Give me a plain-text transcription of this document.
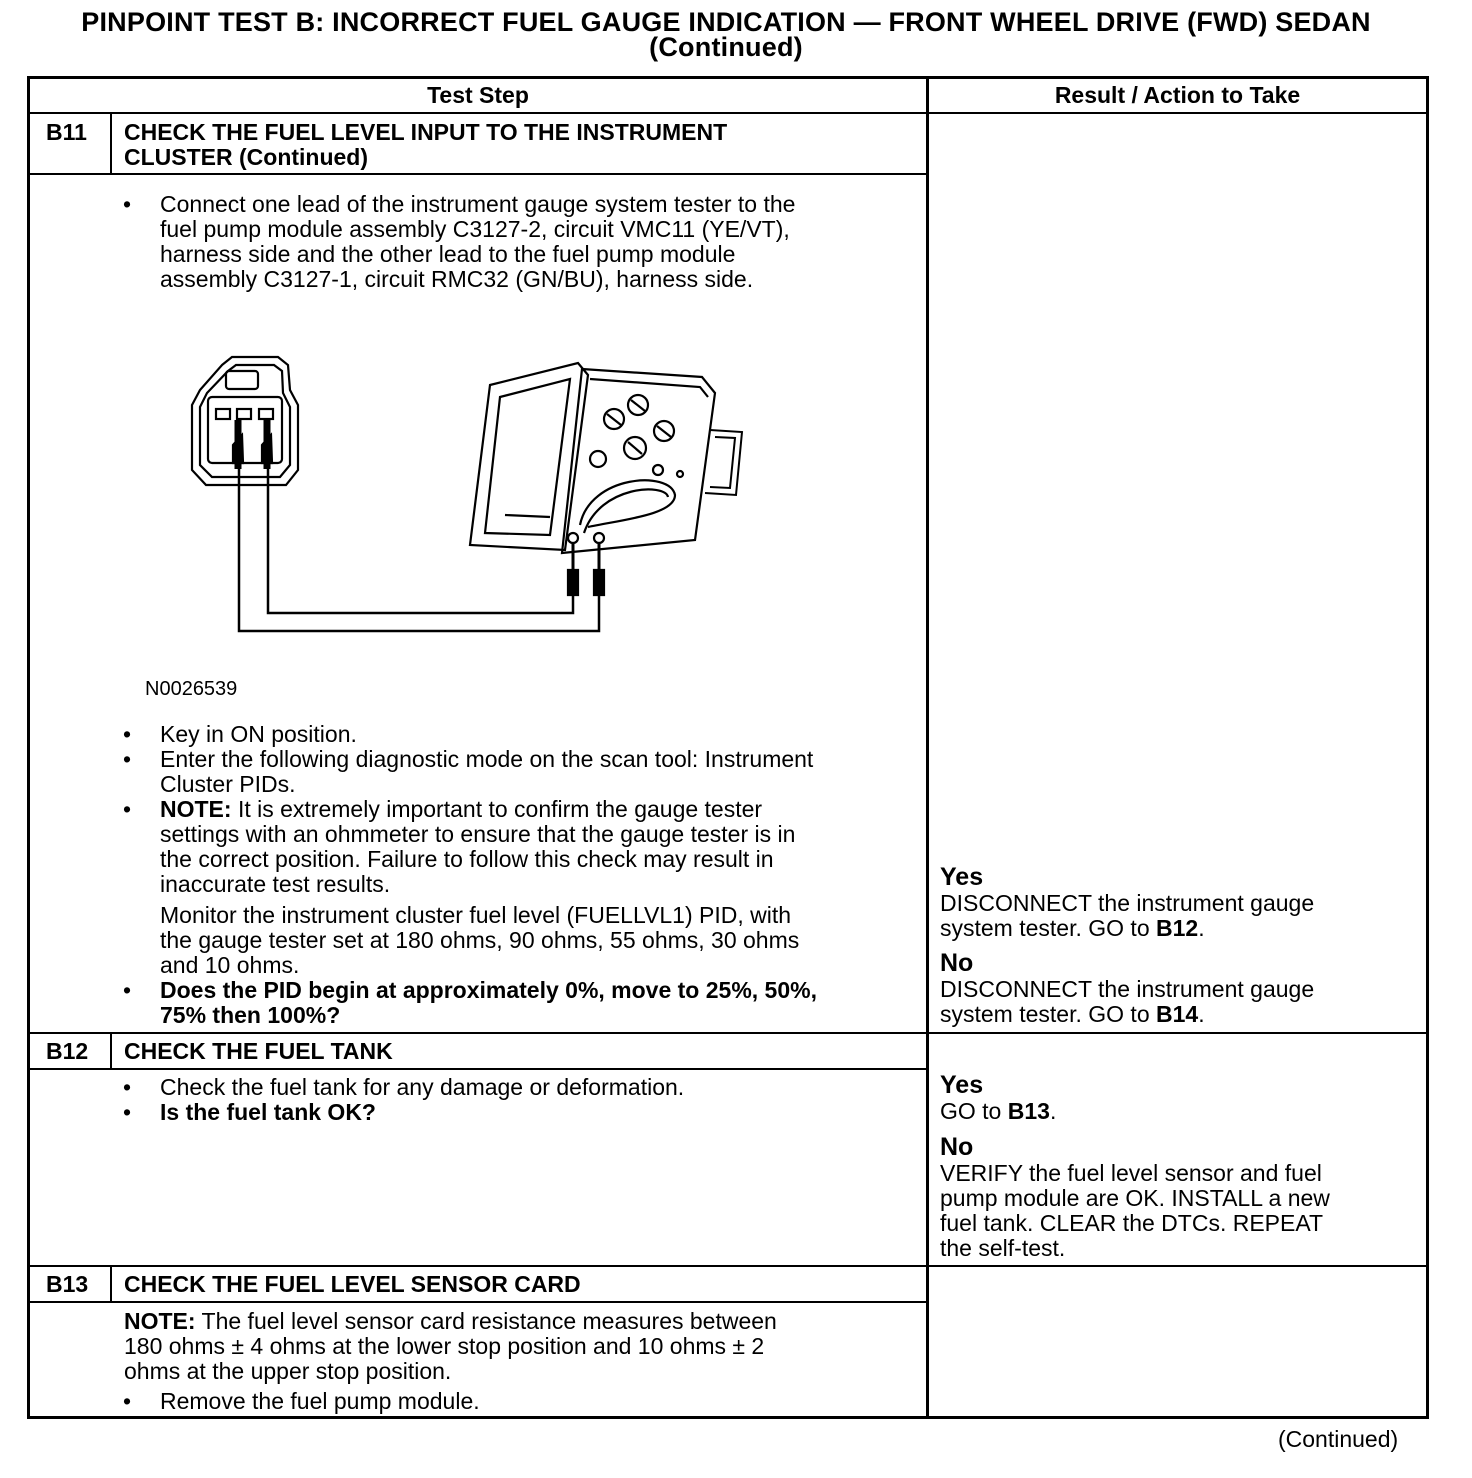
PINPOINT TEST B: INCORRECT FUEL GAUGE INDICATION — FRONT WHEEL DRIVE (FWD) SEDAN
(Continued)
Test Step	Result / Action to Take
B11 CHECK THE FUEL LEVEL INPUT TO THE INSTRUMENT
CLUSTER (Continued)
• Connect one lead of the instrument gauge system tester to the
fuel pump module assembly C3127-2, circuit VMC11 (YE/VT),
harness side and the other lead to the fuel pump module
assembly C3127-1, circuit RMC32 (GN/BU), harness side.
N0026539
• Key in ON position.
• Enter the following diagnostic mode on the scan tool: Instrument
Cluster PIDs.
• NOTE: It is extremely important to confirm the gauge tester
settings with an ohmmeter to ensure that the gauge tester is in
the correct position. Failure to follow this check may result in
inaccurate test results.
Monitor the instrument cluster fuel level (FUELLVL1) PID, with
the gauge tester set at 180 ohms, 90 ohms, 55 ohms, 30 ohms
and 10 ohms.
• Does the PID begin at approximately 0%, move to 25%, 50%,
75% then 100%?
Yes
DISCONNECT the instrument gauge
system tester. GO to B12.
No
DISCONNECT the instrument gauge
system tester. GO to B14.
B12 CHECK THE FUEL TANK
• Check the fuel tank for any damage or deformation.
• Is the fuel tank OK?
Yes
GO to B13.
No
VERIFY the fuel level sensor and fuel
pump module are OK. INSTALL a new
fuel tank. CLEAR the DTCs. REPEAT
the self-test.
B13 CHECK THE FUEL LEVEL SENSOR CARD
NOTE: The fuel level sensor card resistance measures between
180 ohms ± 4 ohms at the lower stop position and 10 ohms ± 2
ohms at the upper stop position.
• Remove the fuel pump module.
(Continued)
